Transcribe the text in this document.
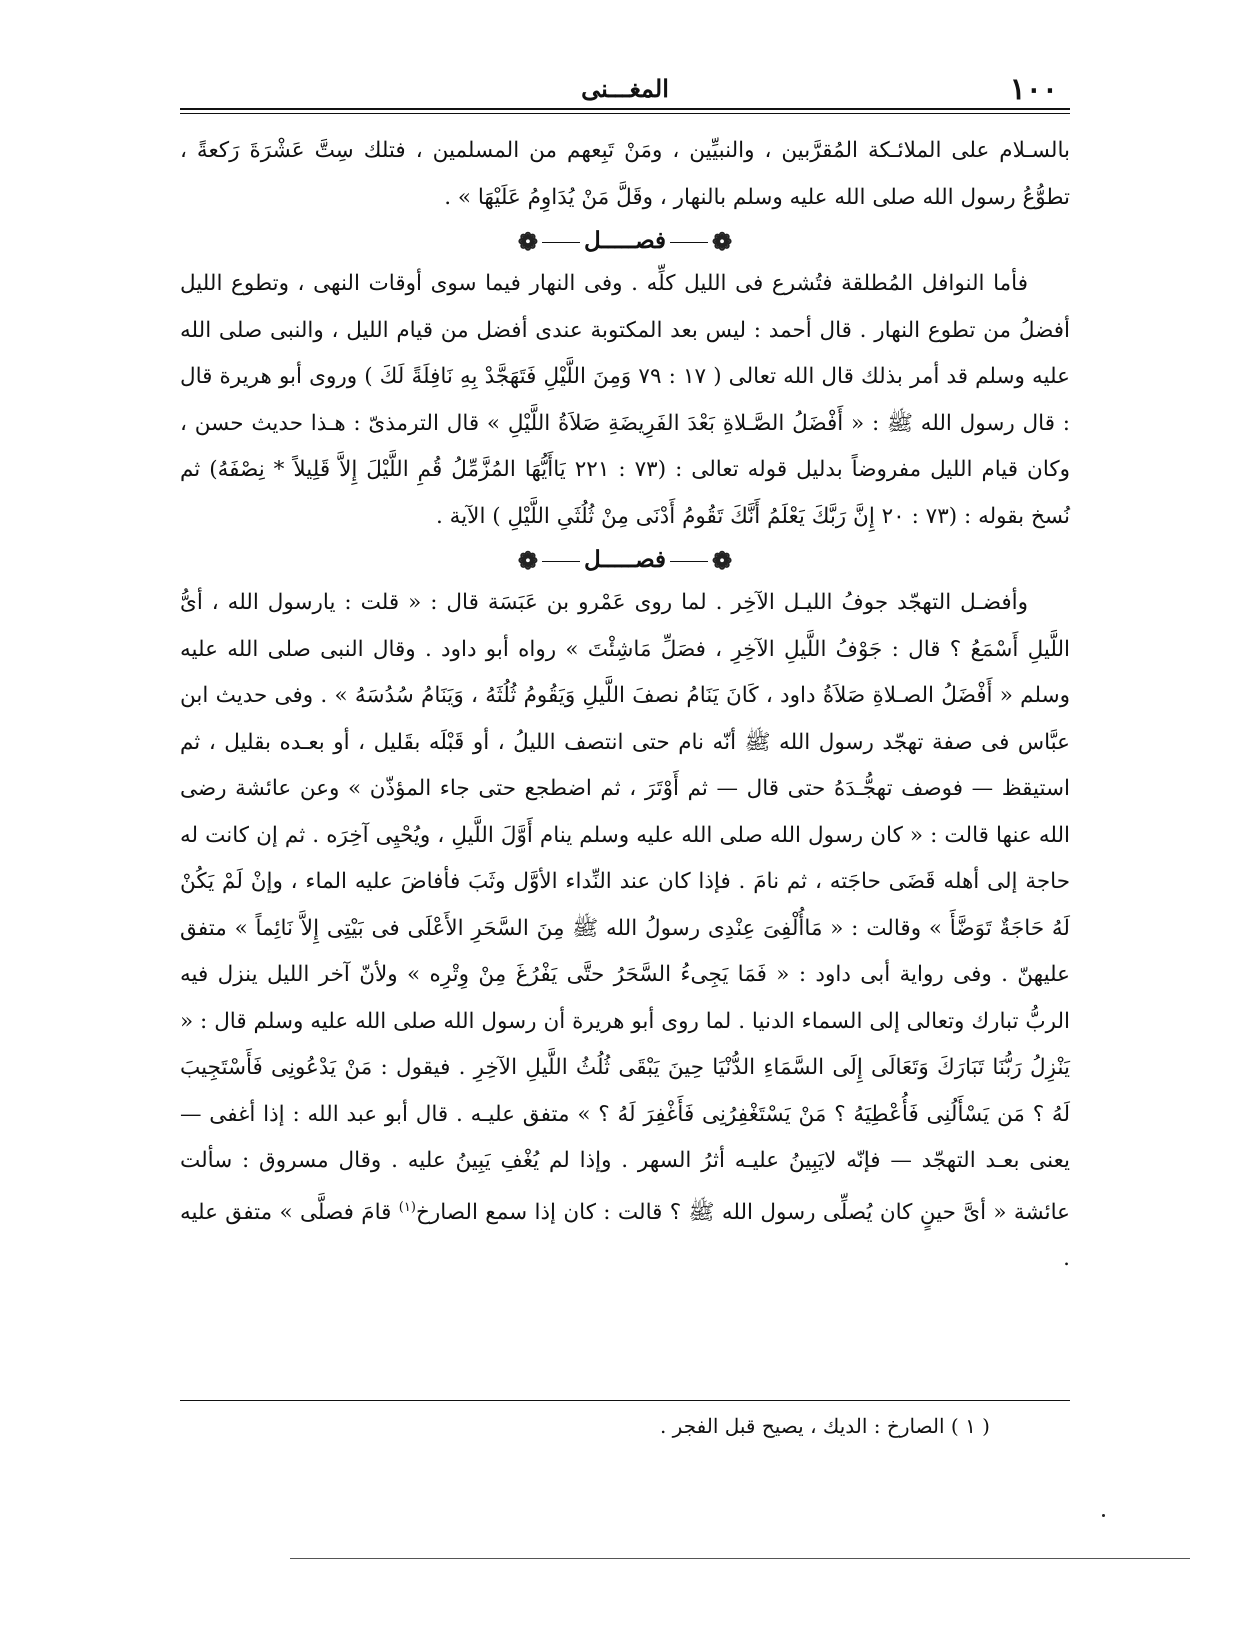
١٠٠
المغـــنى

بالسـلام على الملائـكة المُقرَّبين ، والنبيِّين ، ومَنْ تَبِعهم من المسلمين ، فتلك سِتَّ عَشْرَةَ رَكعةً ، تطوُّعُ رسول الله صلى الله عليه وسلم بالنهار ، وقَلَّ مَنْ يُدَاوِمُ عَلَيْهَا » .

❁فصـــــل❁

فأما النوافل المُطلقة فتُشرع فى الليل كلِّه . وفى النهار فيما سوى أوقات النهى ، وتطوع الليل أفضلُ من تطوع النهار . قال أحمد : ليس بعد المكتوبة عندى أفضل من قيام الليل ، والنبى صلى الله عليه وسلم قد أمر بذلك قال الله تعالى ( ١٧ : ٧٩ وَمِنَ اللَّيْلِ فَتَهَجَّدْ بِهِ نَافِلَةً لَكَ ) وروى أبو هريرة قال : قال رسول الله ﷺ : « أَفْضَلُ الصَّـلاةِ بَعْدَ الفَرِيضَةِ صَلاَةُ اللَّيْلِ » قال الترمذىّ : هـذا حديث حسن ، وكان قيام الليل مفروضاً بدليل قوله تعالى : (٧٣ : ٢٢١ يَاأَيُّهَا المُزَّمِّلُ قُمِ اللَّيْلَ إِلاَّ قَلِيلاً * نِصْفَهُ) ثم نُسخ بقوله : (٧٣ : ٢٠ إِنَّ رَبَّكَ يَعْلَمُ أَنَّكَ تَقُومُ أَدْنَى مِنْ ثُلُثَىِ اللَّيْلِ ) الآية .

❁فصـــــل❁

وأفضـل التهجّد جوفُ الليـل الآخِر . لما روى عَمْرو بن عَبَسَة قال : « قلت : يارسول الله ، أىُّ اللَّيلِ أَسْمَعُ ؟ قال : جَوْفُ اللَّيلِ الآخِرِ ، فصَلِّ مَاشِئْتَ » رواه أبو داود . وقال النبى صلى الله عليه وسلم « أَفْضَلُ الصـلاةِ صَلاَةُ داود ، كَانَ يَنَامُ نصفَ اللَّيلِ وَيَقُومُ ثُلُثَهُ ، وَيَنَامُ سُدُسَهُ » . وفى حديث ابن عبَّاس فى صفة تهجّد رسول الله ﷺ أنّه نام حتى انتصف الليلُ ، أو قَبْلَه بقَليل ، أو بعـده بقليل ، ثم استيقظ — فوصف تهجُّـدَهُ حتى قال — ثم أَوْتَرَ ، ثم اضطجع حتى جاء المؤذّن » وعن عائشة رضى الله عنها قالت : « كان رسول الله صلى الله عليه وسلم ينام أَوَّلَ اللَّيلِ ، ويُحْيِى آخِرَه . ثم إن كانت له حاجة إلى أهله قَضَى حاجَته ، ثم نامَ . فإذا كان عند النِّداء الأوَّل وثَبَ فأفاضَ عليه الماء ، وإنْ لَمْ يَكُنْ لَهُ حَاجَةٌ تَوَضَّأَ » وقالت : « مَاأُلْفِىَ عِنْدِى رسولُ الله ﷺ مِنَ السَّحَرِ الأَعْلَى فى بَيْتِى إِلاَّ نَائِماً » متفق عليهنّ . وفى رواية أبى داود : « فَمَا يَجِىءُ السَّحَرُ حتَّى يَفْرُغَ مِنْ وِتْرِه » ولأنّ آخر الليل ينزل فيه الربُّ تبارك وتعالى إلى السماء الدنيا . لما روى أبو هريرة أن رسول الله صلى الله عليه وسلم قال : « يَنْزِلُ رَبُّنَا تَبَارَكَ وَتَعَالَى إِلَى السَّمَاءِ الدُّنْيَا حِينَ يَبْقَى ثُلُثُ اللَّيلِ الآخِرِ . فيقول : مَنْ يَدْعُونِى فَأَسْتَجِيبَ لَهُ ؟ مَن يَسْأَلُنِى فَأُعْطِيَهُ ؟ مَنْ يَسْتَغْفِرُنِى فَأَغْفِرَ لَهُ ؟ » متفق عليـه . قال أبو عبد الله : إذا أغفى — يعنى بعـد التهجّد — فإنّه لايَبِينُ عليـه أثرُ السهر . وإذا لم يُغْفِ يَبِينُ عليه . وقال مسروق : سألت عائشة « أىَّ حينٍ كان يُصلِّى رسول الله ﷺ ؟ قالت : كان إذا سمع الصارخ$^{(١)}$ قامَ فصلَّى » متفق عليه .

( ١ ) الصارخ : الديك ، يصيح قبل الفجر .
